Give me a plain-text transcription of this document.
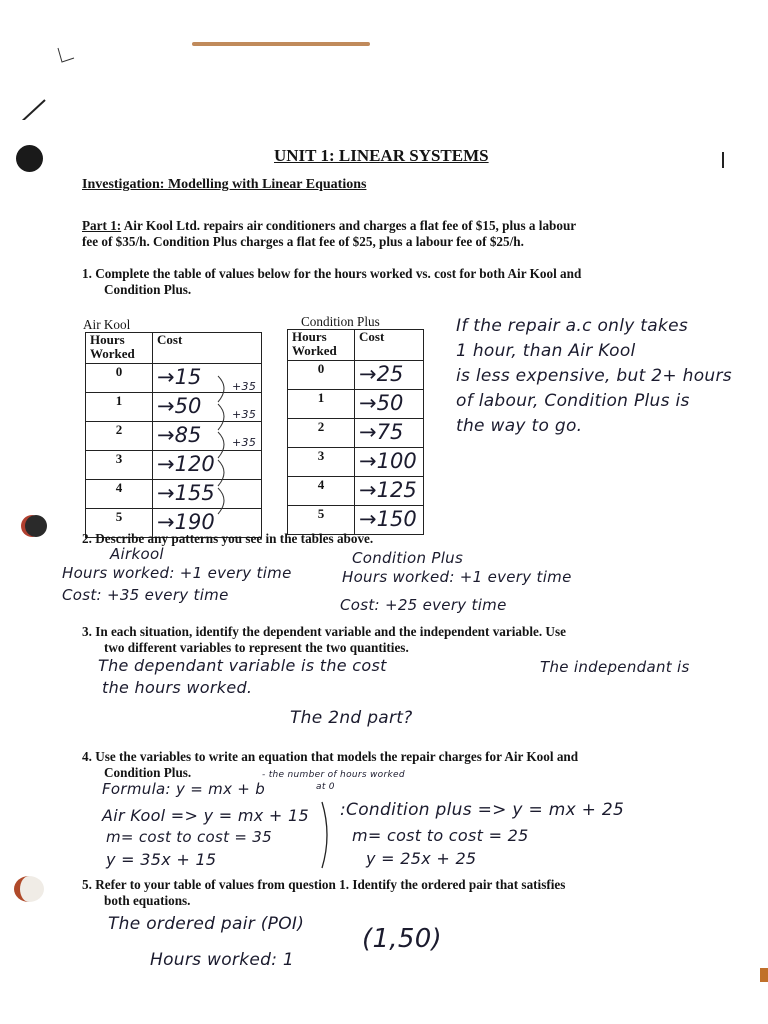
UNIT 1: LINEAR SYSTEMS
Investigation: Modelling with Linear Equations
Part 1: Air Kool Ltd. repairs air conditioners and charges a flat fee of $15, plus a labour
fee of $35/h. Condition Plus charges a flat fee of $25, plus a labour fee of $25/h.
1. Complete the table of values below for the hours worked vs. cost for both Air Kool and
Condition Plus.
Air Kool
Hours Worked	Cost
0	→15
1	→50
2	→85
3	→120
4	→155
5	→190
+35
+35
+35
Condition Plus
Hours Worked	Cost
0	→25
1	→50
2	→75
3	→100
4	→125
5	→150
If the repair a.c only takes
1 hour, than Air Kool
is less expensive, but 2+ hours
of labour, Condition Plus is
the way to go.
2. Describe any patterns you see in the tables above.
Airkool
Hours worked: +1 every time
Cost: +35 every time
Condition Plus
Hours worked: +1 every time
Cost: +25 every time
3. In each situation, identify the dependent variable and the independent variable. Use
two different variables to represent the two quantities.
The dependant variable is the cost	The independant is
the hours worked.
The 2nd part?
4. Use the variables to write an equation that models the repair charges for Air Kool and
Condition Plus.
Formula: y = mx + b
- the number of hours worked
at 0
Air Kool => y = mx + 15
m= cost to cost = 35
y = 35x + 15
:Condition plus => y = mx + 25
m= cost to cost = 25
y = 25x + 25
5. Refer to your table of values from question 1. Identify the ordered pair that satisfies
both equations.
The ordered pair (POI)
Hours worked: 1
(1,50)
